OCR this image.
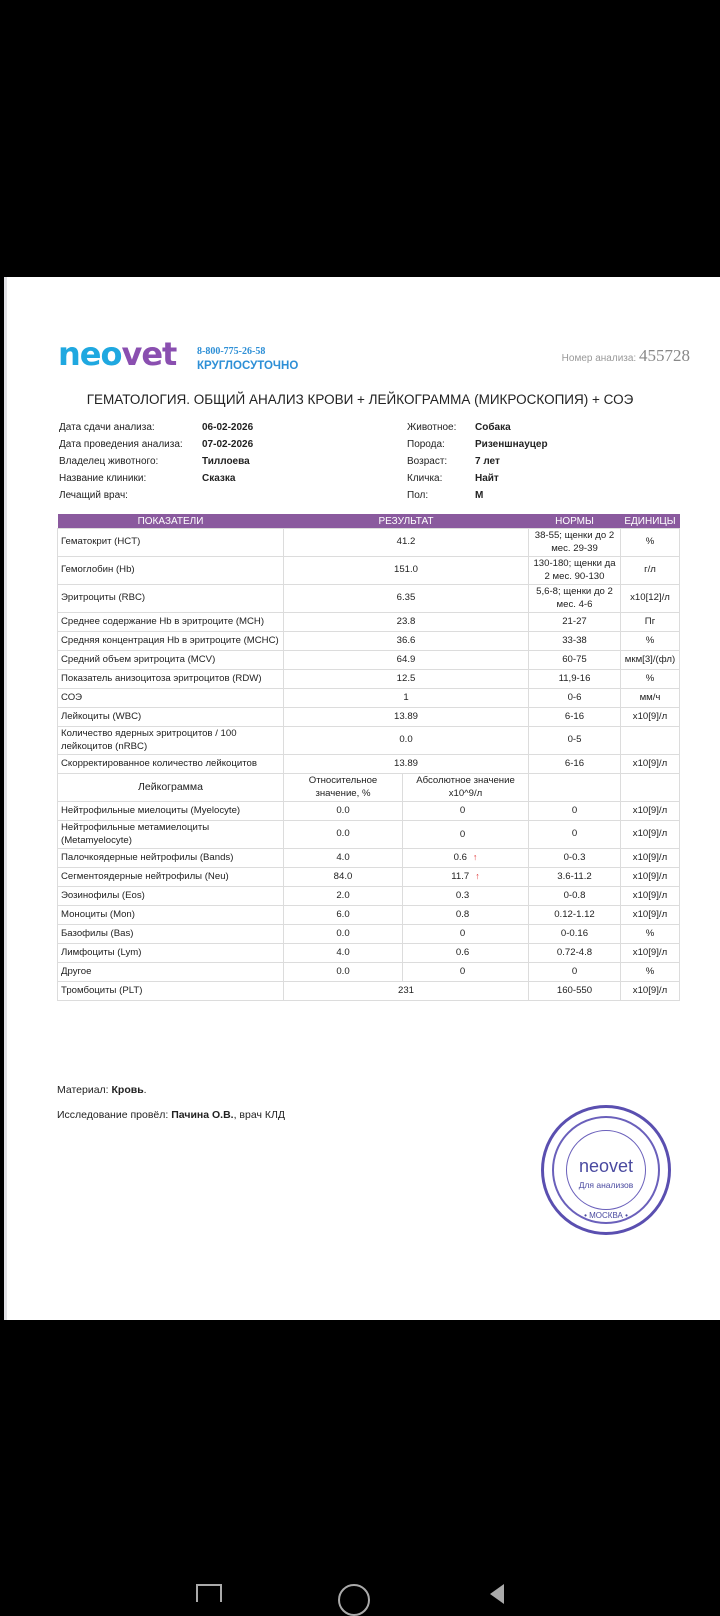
neovet 8-800-775-26-58
КРУГЛОСУТОЧНО
Номер анализа: 455728
ГЕМАТОЛОГИЯ. ОБЩИЙ АНАЛИЗ КРОВИ + ЛЕЙКОГРАММА (МИКРОСКОПИЯ) + СОЭ
Дата сдачи анализа:	06-02-2026
Дата проведения анализа:	07-02-2026
Владелец животного:	Тиллоева
Название клиники:	Сказка
Лечащий врач:
Животное:	Собака
Порода:	Ризеншнауцер
Возраст:	7 лет
Кличка:	Найт
Пол:	М
ПОКАЗАТЕЛИ	РЕЗУЛЬТАТ		НОРМЫ	ЕДИНИЦЫ
Гематокрит (HCT)	41.2		38-55; щенки до 2 мес. 29-39	%
Гемоглобин (Hb)	151.0		130-180; щенки да 2 мес. 90-130	г/л
Эритроциты (RBC)	6.35		5,6-8; щенки до 2 мес. 4-6	x10[12]/л
Среднее содержание Hb в эритроците (MCH)	23.8		21-27	Пг
Средняя концентрация Hb в эритроците (MCHC)	36.6		33-38	%
Средний объем эритроцита (MCV)	64.9		60-75	мкм[3]/(фл)
Показатель анизоцитоза эритроцитов (RDW)	12.5		11,9-16	%
СОЭ	1		0-6	мм/ч
Лейкоциты (WBC)	13.89		6-16	x10[9]/л
Количество ядерных эритроцитов / 100 лейкоцитов (nRBC)	0.0		0-5	
Скорректированное количество лейкоцитов	13.89		6-16	x10[9]/л
Лейкограмма	Относительное значение, %	Абсолютное значение x10^9/л		
Нейтрофильные миелоциты (Myelocyte)	0.0	0	0	x10[9]/л
Нейтрофильные метамиелоциты (Metamyelocyte)	0.0	0	0	x10[9]/л
Палочкоядерные нейтрофилы (Bands)	4.0	0.6 ↑	0-0.3	x10[9]/л
Сегментоядерные нейтрофилы (Neu)	84.0	11.7 ↑	3.6-11.2	x10[9]/л
Эозинофилы (Eos)	2.0	0.3	0-0.8	x10[9]/л
Моноциты (Mon)	6.0	0.8	0.12-1.12	x10[9]/л
Базофилы (Bas)	0.0	0	0-0.16	%
Лимфоциты (Lym)	4.0	0.6	0.72-4.8	x10[9]/л
Другое	0.0	0	0	%
Тромбоциты (PLT)	231		160-550	x10[9]/л
Материал: Кровь.
Исследование провёл: Пачина О.В., врач КЛД
neovet
Для анализов
• МОСКВА •
